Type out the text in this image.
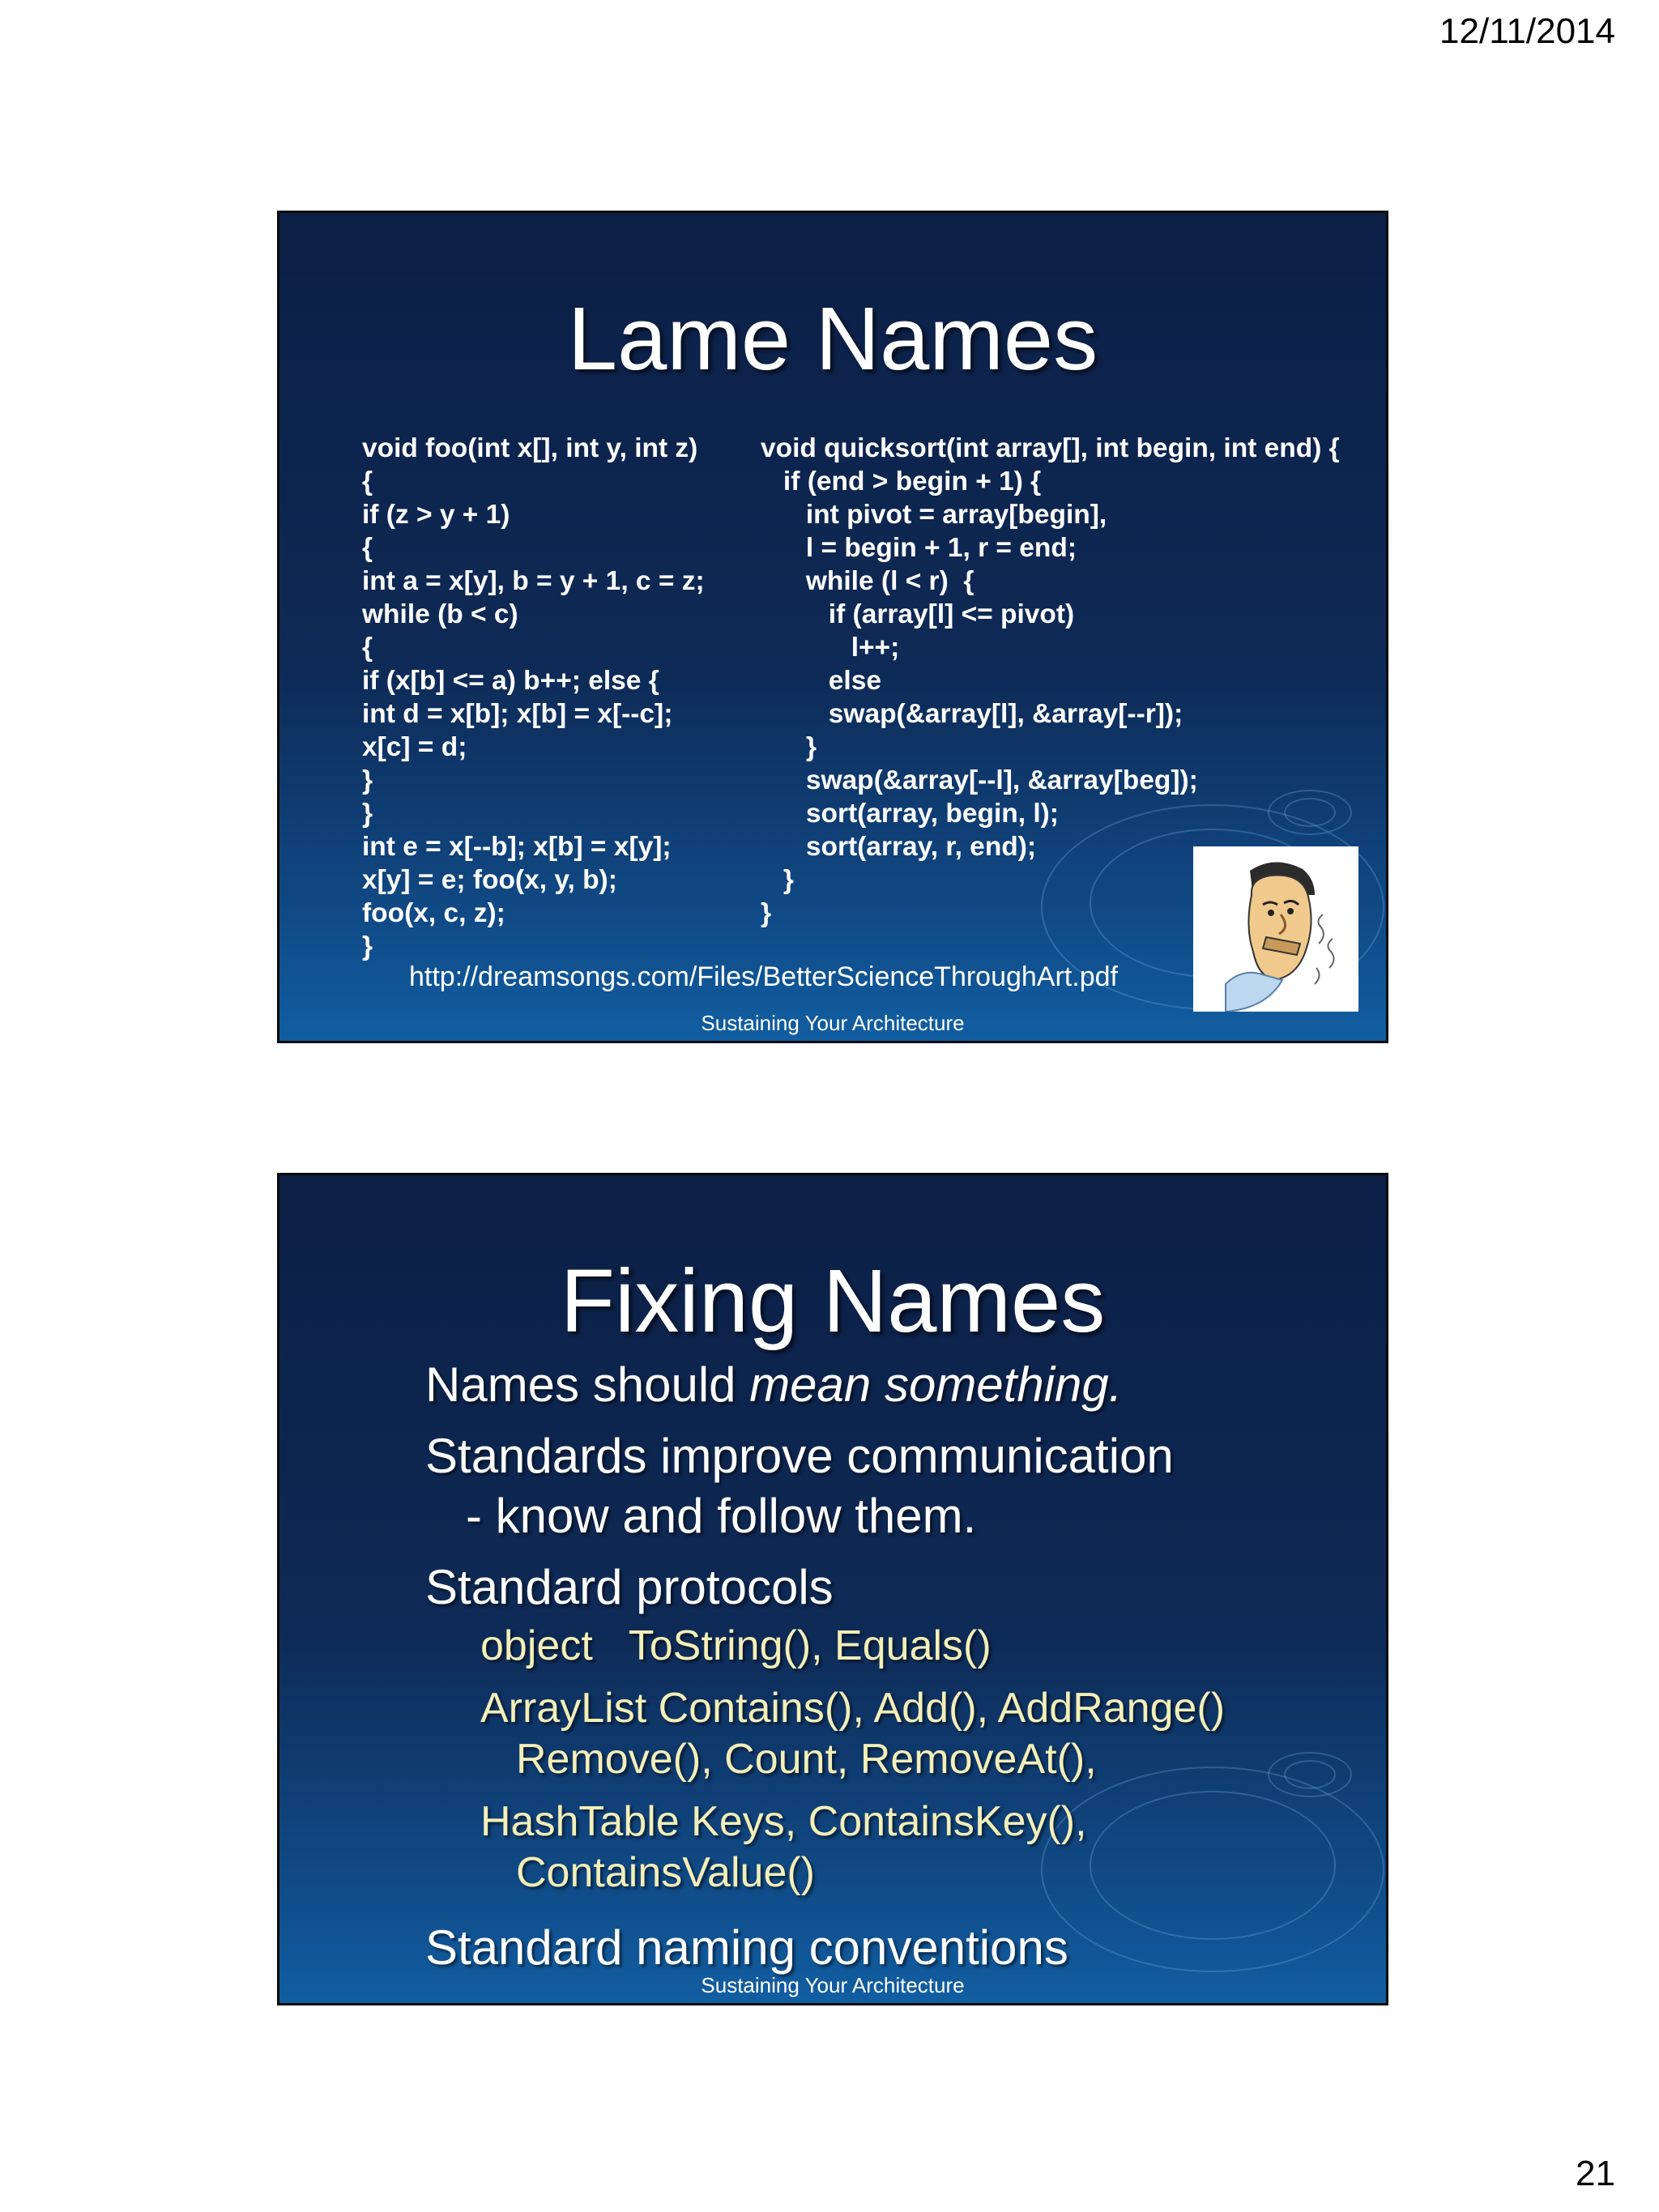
12/11/2014
Lame Names
void foo(int x[], int y, int z)
{
if (z > y + 1)
{
int a = x[y], b = y + 1, c = z;
while (b < c)
{
if (x[b] <= a) b++; else {
int d = x[b]; x[b] = x[--c];
x[c] = d;
}
}
int e = x[--b]; x[b] = x[y];
x[y] = e; foo(x, y, b);
foo(x, c, z);
}
void quicksort(int array[], int begin, int end) {
if (end > begin + 1) {
int pivot = array[begin],
l = begin + 1, r = end;
while (l < r)  {
if (array[l] <= pivot)
l++;
else
swap(&array[l], &array[--r]);
}
swap(&array[--l], &array[beg]);
sort(array, begin, l);
sort(array, r, end);
}
}
http://dreamsongs.com/Files/BetterScienceThroughArt.pdf
Sustaining Your Architecture
Fixing Names
Names should mean something.
Standards improve communication
- know and follow them.
Standard protocols
object ToString(), Equals()
ArrayList Contains(), Add(), AddRange()
Remove(), Count, RemoveAt(),
HashTable Keys, ContainsKey(),
ContainsValue()
Standard naming conventions
Sustaining Your Architecture
21
